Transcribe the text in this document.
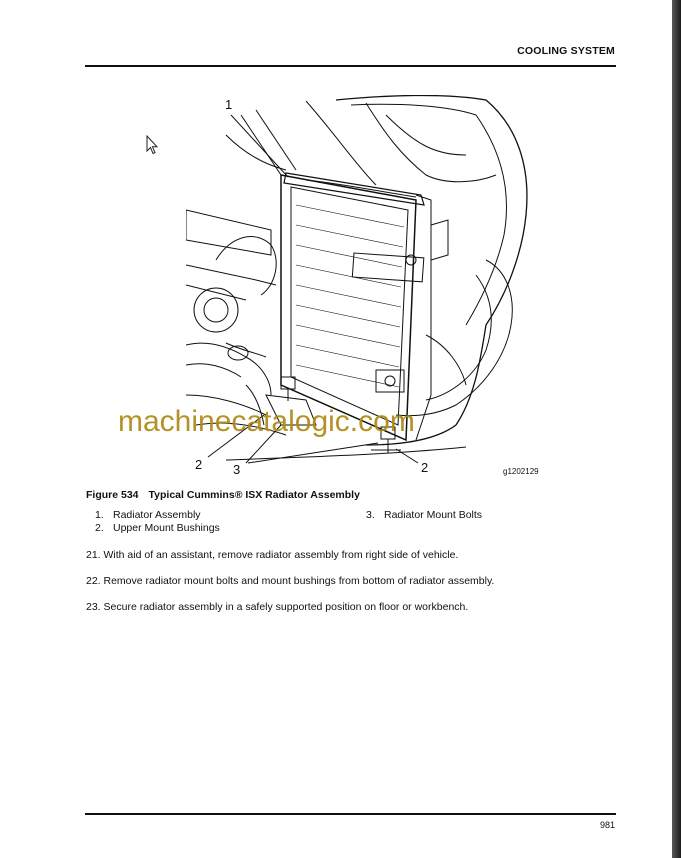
COOLING SYSTEM
1
2 3	2	g1202129
machinecatalogic.com
Figure 534 Typical Cummins® ISX Radiator Assembly
1. Radiator Assembly
2. Upper Mount Bushings
3. Radiator Mount Bolts
21. With aid of an assistant, remove radiator assembly from right side of vehicle.
22. Remove radiator mount bolts and mount bushings from bottom of radiator assembly.
23. Secure radiator assembly in a safely supported position on floor or workbench.
981
